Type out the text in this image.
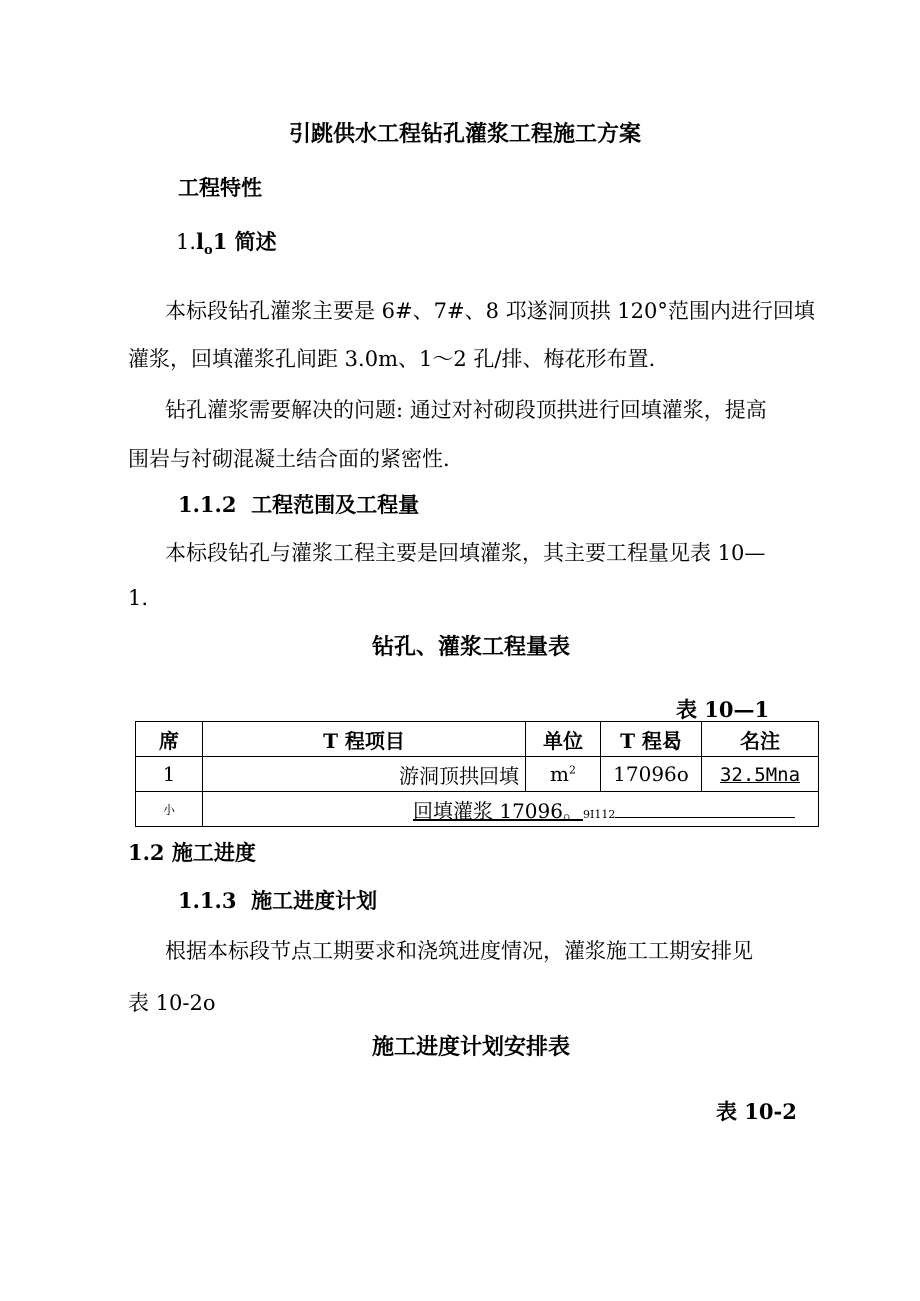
引跳供水工程钻孔灌浆工程施工方案
工程特性
$1.l_o1$ 简述
本标段钻孔灌浆主要是 6#、7#、8 邛遂洞顶拱 120°范围内进行回填
灌浆，回填灌浆孔间距 3.0m、1～2 孔/排、梅花形布置.
钻孔灌浆需要解决的问题: 通过对衬砌段顶拱进行回填灌浆，提高
围岩与衬砌混凝土结合面的紧密性.
1.1.2 工程范围及工程量
本标段钻孔与灌浆工程主要是回填灌浆，其主要工程量见表 10—
1.
钻孔、灌浆工程量表
表 10—1
席	T 程项目	单位	T 程曷	名注
1	游洞顶拱回填	$m^2$	17096o	32.5Mna
小	回填灌浆 17096。9I112			
1.2 施工进度
1.1.3 施工进度计划
根据本标段节点工期要求和浇筑进度情况，灌浆施工工期安排见
表 10-2o
施工进度计划安排表
表 10-2
